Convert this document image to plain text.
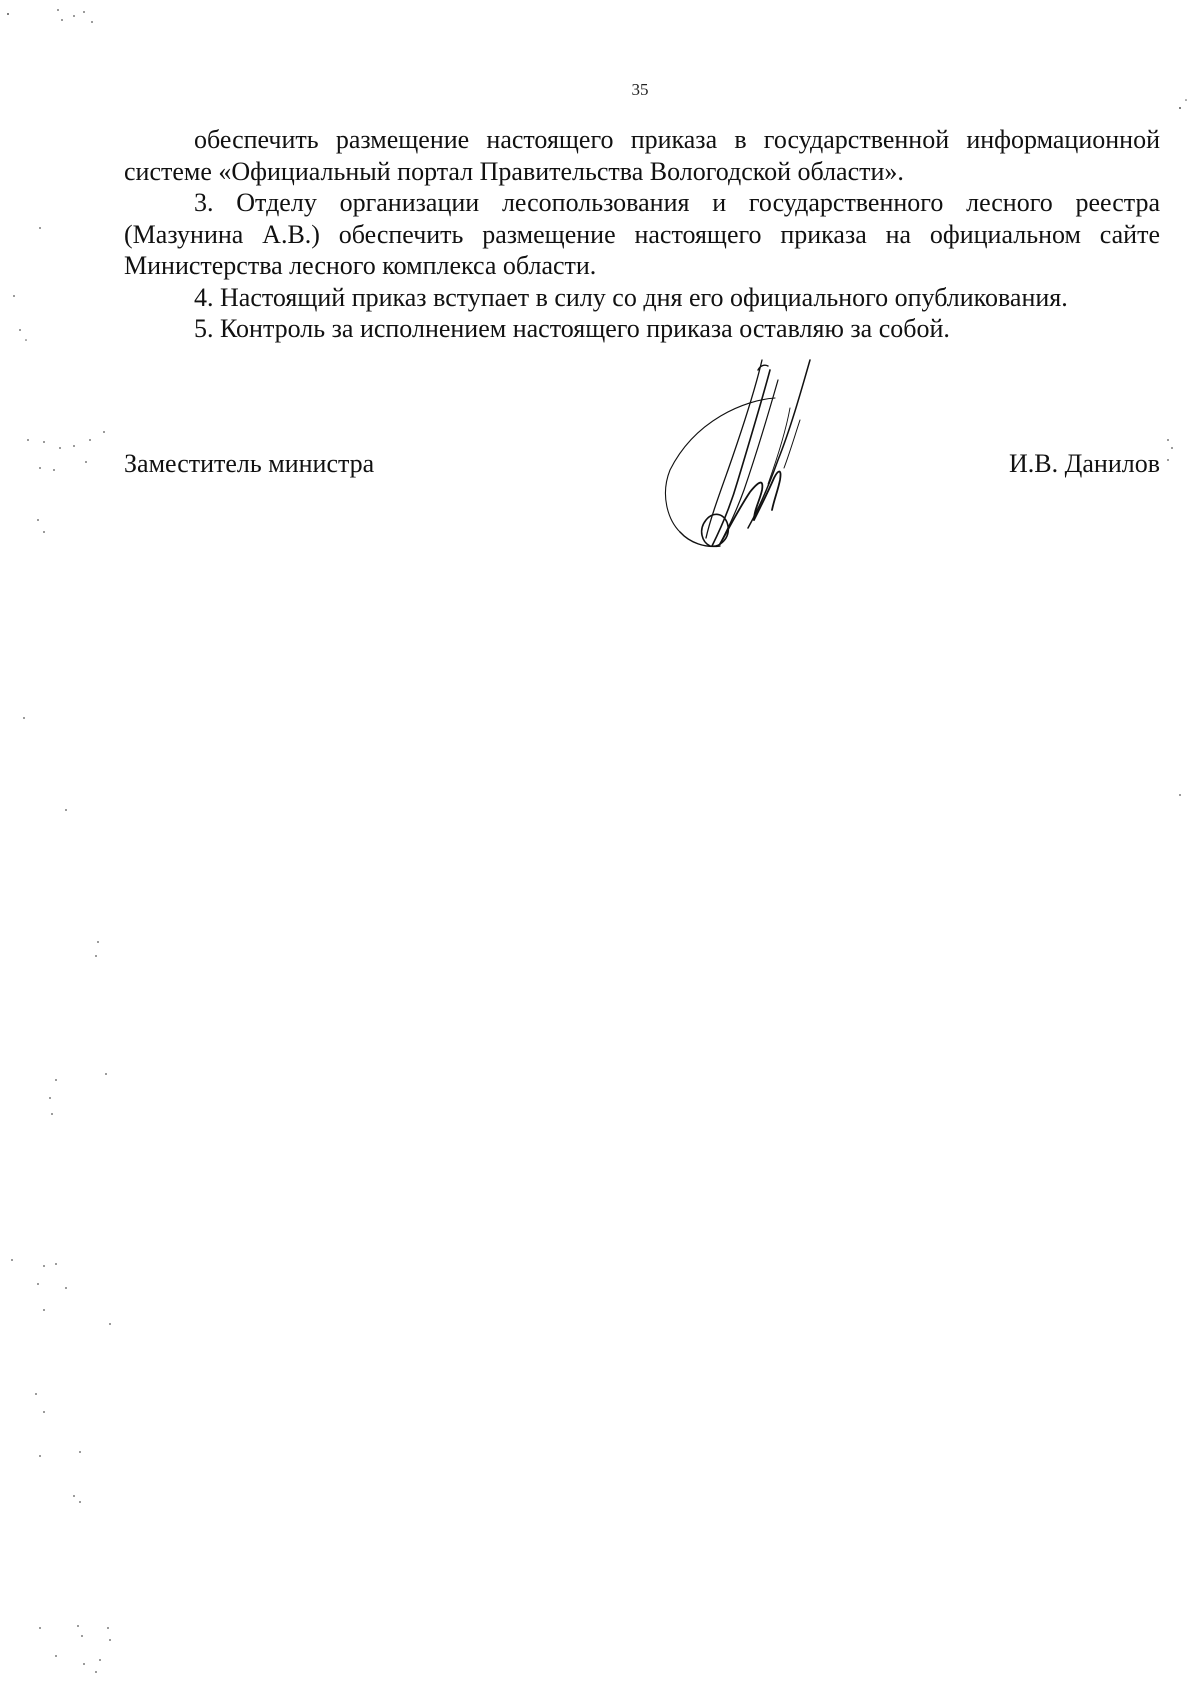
35

обеспечить размещение настоящего приказа в государственной информационной системе «Официальный портал Правительства Вологодской области».

3. Отделу организации лесопользования и государственного лесного реестра (Мазунина А.В.) обеспечить размещение настоящего приказа на официальном сайте Министерства лесного комплекса области.

4. Настоящий приказ вступает в силу со дня его официального опубликования.

5. Контроль за исполнением настоящего приказа оставляю за собой.

Заместитель министра	И.В. Данилов
